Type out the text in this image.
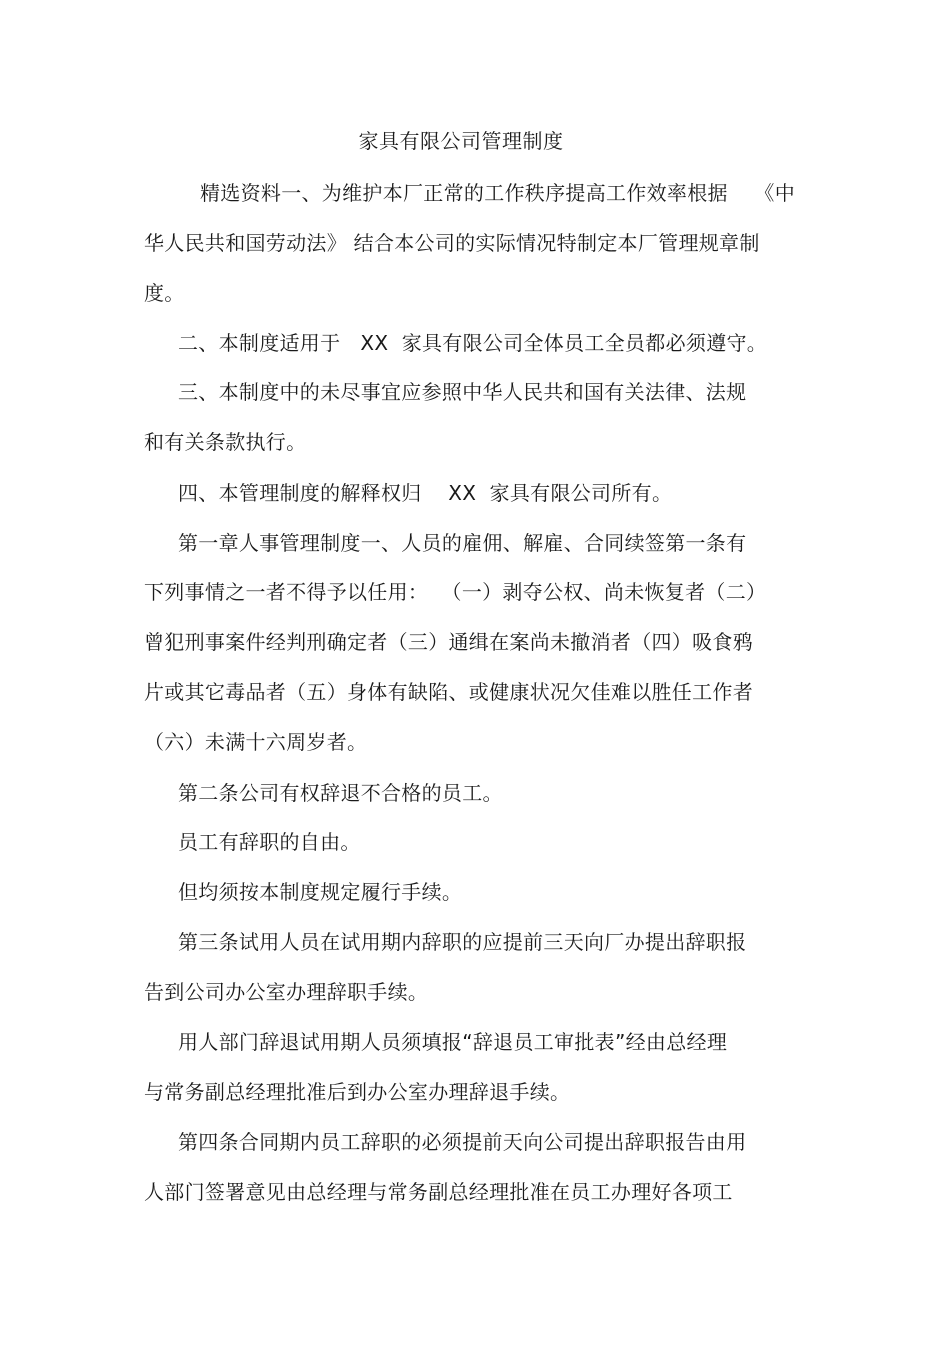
家具有限公司管理制度
精选资料一、为维护本厂正常的工作秩序提高工作效率根据    《中
华人民共和国劳动法》 结合本公司的实际情况特制定本厂管理规章制
度。
二、本制度适用于   XX  家具有限公司全体员工全员都必须遵守。
三、本制度中的未尽事宜应参照中华人民共和国有关法律、法规
和有关条款执行。
四、本管理制度的解释权归    XX  家具有限公司所有。
第一章人事管理制度一、人员的雇佣、解雇、合同续签第一条有
下列事情之一者不得予以任用：  （一）剥夺公权、尚未恢复者（二）
曾犯刑事案件经判刑确定者（三）通缉在案尚未撤消者（四）吸食鸦
片或其它毒品者（五）身体有缺陷、或健康状况欠佳难以胜任工作者
（六）未满十六周岁者。
第二条公司有权辞退不合格的员工。
员工有辞职的自由。
但均须按本制度规定履行手续。
第三条试用人员在试用期内辞职的应提前三天向厂办提出辞职报
告到公司办公室办理辞职手续。
用人部门辞退试用期人员须填报“辞退员工审批表”经由总经理
与常务副总经理批准后到办公室办理辞退手续。
第四条合同期内员工辞职的必须提前天向公司提出辞职报告由用
人部门签署意见由总经理与常务副总经理批准在员工办理好各项工
